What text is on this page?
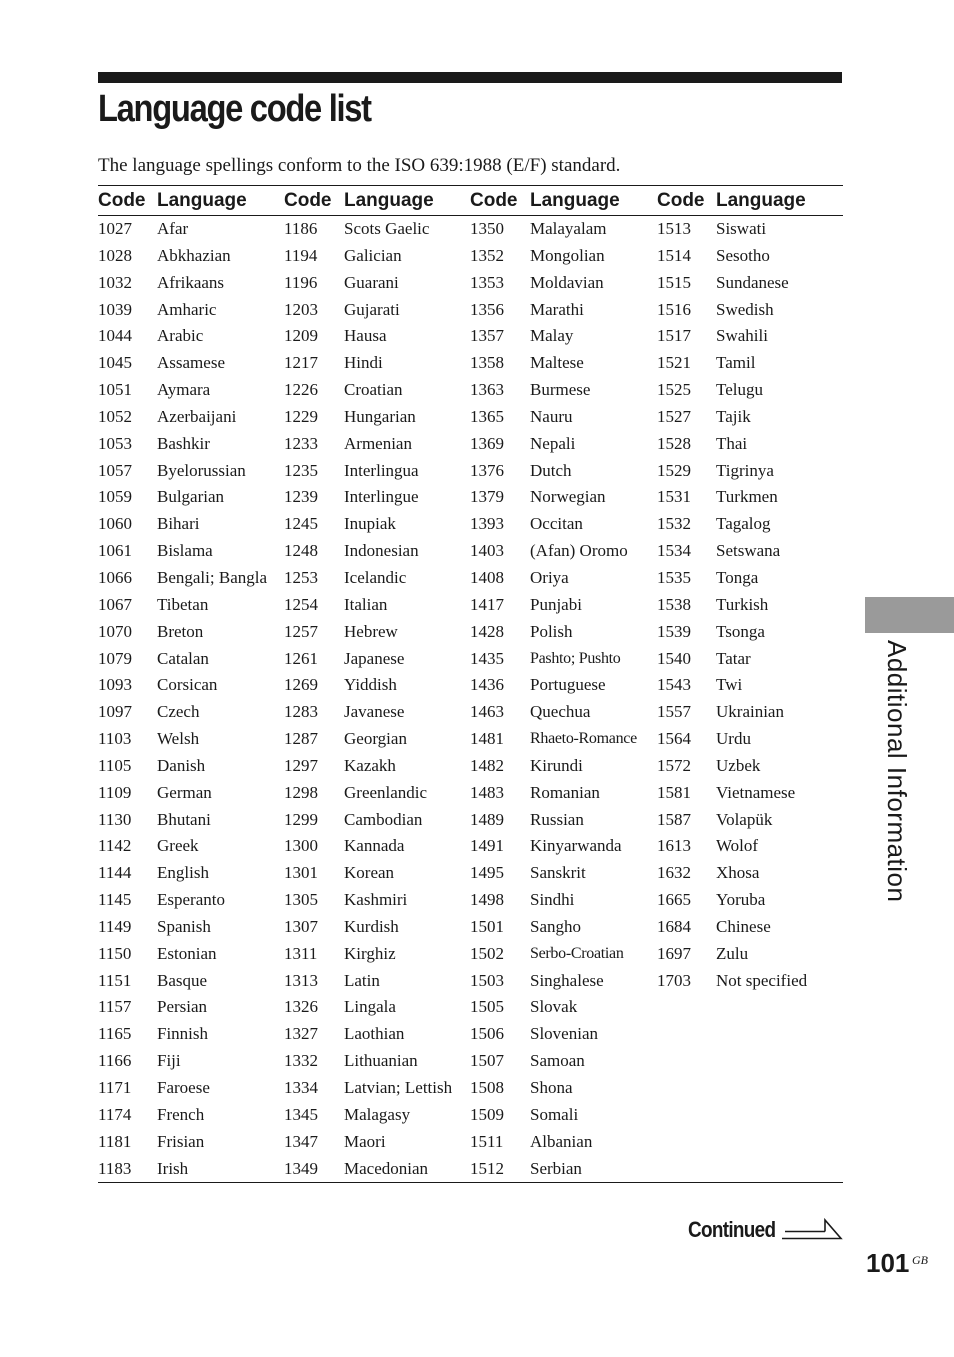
Language code list

The language spellings conform to the ISO 639:1988 (E/F) standard.

Code Language Code Language Code Language Code Language
1027 Afar	1186 Scots Gaelic 1350 Malayalam	1513 Siswati
1028 Abkhazian	1194 Galician	1352 Mongolian	1514 Sesotho
1032 Afrikaans	1196 Guarani	1353 Moldavian	1515 Sundanese
1039 Amharic	1203 Gujarati	1356 Marathi	1516 Swedish
1044 Arabic	1209 Hausa	1357 Malay	1517 Swahili
1045 Assamese	1217 Hindi	1358 Maltese	1521 Tamil
1051 Aymara	1226 Croatian	1363 Burmese	1525 Telugu
1052 Azerbaijani	1229 Hungarian	1365 Nauru	1527 Tajik
1053 Bashkir	1233 Armenian	1369 Nepali	1528 Thai
1057 Byelorussian 1235 Interlingua	1376 Dutch	1529 Tigrinya
1059 Bulgarian	1239 Interlingue	1379 Norwegian	1531 Turkmen
1060 Bihari	1245 Inupiak	1393 Occitan	1532 Tagalog
1061 Bislama	1248 Indonesian	1403 (Afan) Oromo 1534 Setswana
1066 Bengali; Bangla 1253 Icelandic	1408 Oriya	1535 Tonga
1067 Tibetan	1254 Italian	1417 Punjabi	1538 Turkish
1070 Breton	1257 Hebrew	1428 Polish	1539 Tsonga
1079 Catalan	1261 Japanese	1435 Pashto; Pushto 1540 Tatar
1093 Corsican	1269 Yiddish	1436 Portuguese	1543 Twi
1097 Czech	1283 Javanese	1463 Quechua	1557 Ukrainian
1103 Welsh	1287 Georgian	1481 Rhaeto-Romance 1564 Urdu
1105 Danish	1297 Kazakh	1482 Kirundi	1572 Uzbek
1109 German	1298 Greenlandic	1483 Romanian	1581 Vietnamese
1130 Bhutani	1299 Cambodian	1489 Russian	1587 Volapük
1142 Greek	1300 Kannada	1491 Kinyarwanda 1613 Wolof
1144 English	1301 Korean	1495 Sanskrit	1632 Xhosa
1145 Esperanto	1305 Kashmiri	1498 Sindhi	1665 Yoruba
1149 Spanish	1307 Kurdish	1501 Sangho	1684 Chinese
1150 Estonian	1311 Kirghiz	1502 Serbo-Croatian 1697 Zulu
1151 Basque	1313 Latin	1503 Singhalese	1703 Not specified
1157 Persian	1326 Lingala	1505 Slovak
1165 Finnish	1327 Laothian	1506 Slovenian
1166 Fiji	1332 Lithuanian	1507 Samoan
1171 Faroese	1334 Latvian; Lettish 1508 Shona
1174 French	1345 Malagasy	1509 Somali
1181 Frisian	1347 Maori	1511 Albanian
1183 Irish	1349 Macedonian 1512 Serbian
Additional Information
Continued
101 GB
